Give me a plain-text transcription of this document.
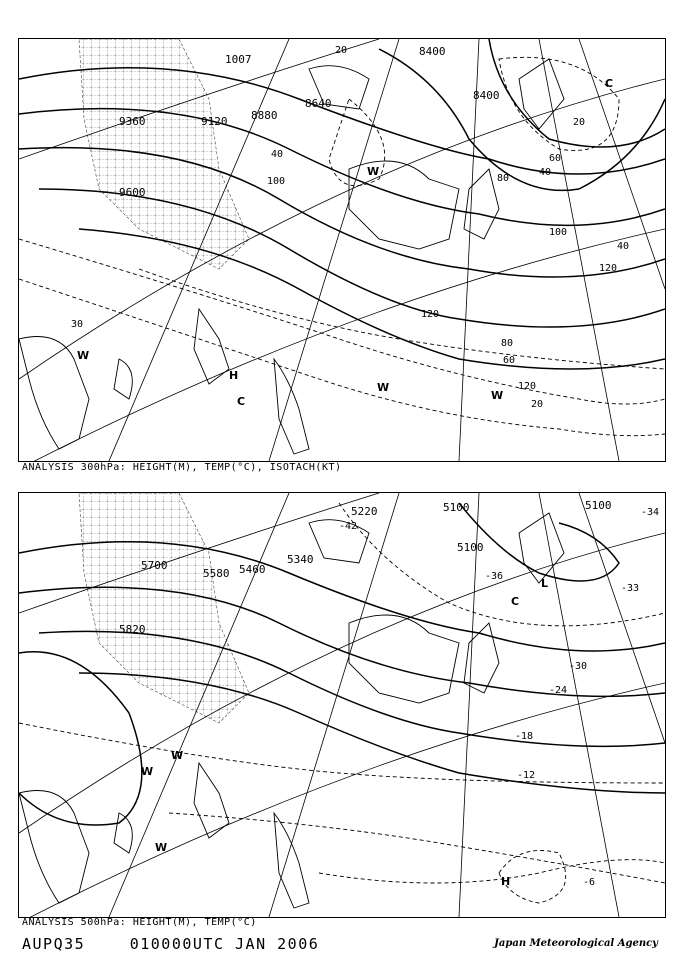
8400
8400
8640
8880
9120
9360
9600
1007
20
40	60
80
100
120
20
40
60
80
100
120
40
20
30
120
H
W
W
W
C
C
W
ANALYSIS 300hPa: HEIGHT(M), TEMP(°C), ISOTACH(KT)
5100
5100
5100
5220
5340
5460
5580
5700
5820
-42
-36
-30
-24
-18
-12
-6
-33
-34
L
C
H
W
W
W
ANALYSIS 500hPa: HEIGHT(M), TEMP(°C)
AUPQ35	010000UTC JAN 2006	Japan Meteorological Agency
